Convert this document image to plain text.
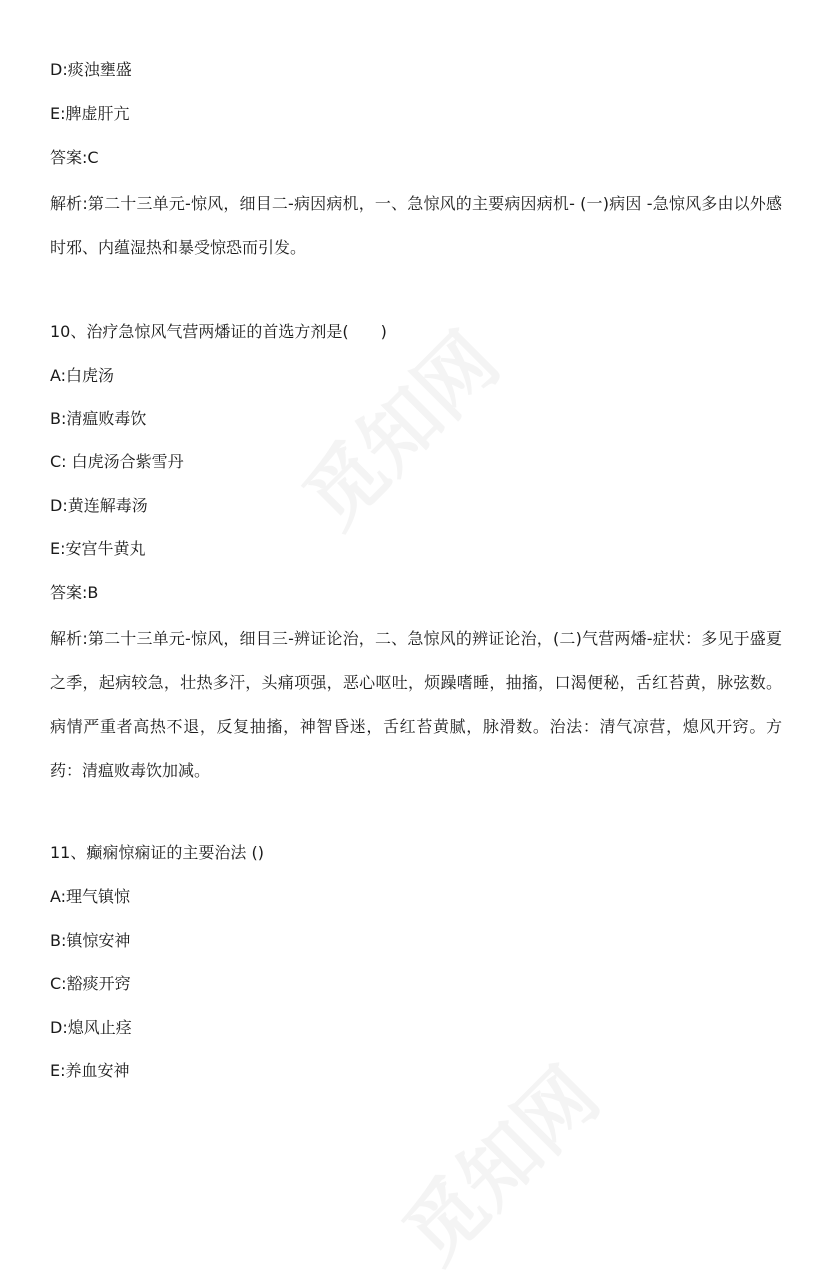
D:痰浊壅盛
E:脾虚肝亢
答案:C
解析:第二十三单元-惊风，细目二-病因病机，一、急惊风的主要病因病机- (一)病因 -急惊风多由以外感时邪、内蕴湿热和暴受惊恐而引发。
10、治疗急惊风气营两燔证的首选方剂是(　　)
A:白虎汤
B:清瘟败毒饮
C: 白虎汤合紫雪丹
D:黄连解毒汤
E:安宫牛黄丸
答案:B
解析:第二十三单元-惊风，细目三-辨证论治，二、急惊风的辨证论治，(二)气营两燔-症状：多见于盛夏之季，起病较急，壮热多汗，头痛项强，恶心呕吐，烦躁嗜睡，抽搐，口渴便秘，舌红苔黄，脉弦数。病情严重者高热不退，反复抽搐，神智昏迷，舌红苔黄腻，脉滑数。治法：清气凉营，熄风开窍。方药：清瘟败毒饮加减。
11、癫痫惊痫证的主要治法 ()
A:理气镇惊
B:镇惊安神
C:豁痰开窍
D:熄风止痉
E:养血安神
